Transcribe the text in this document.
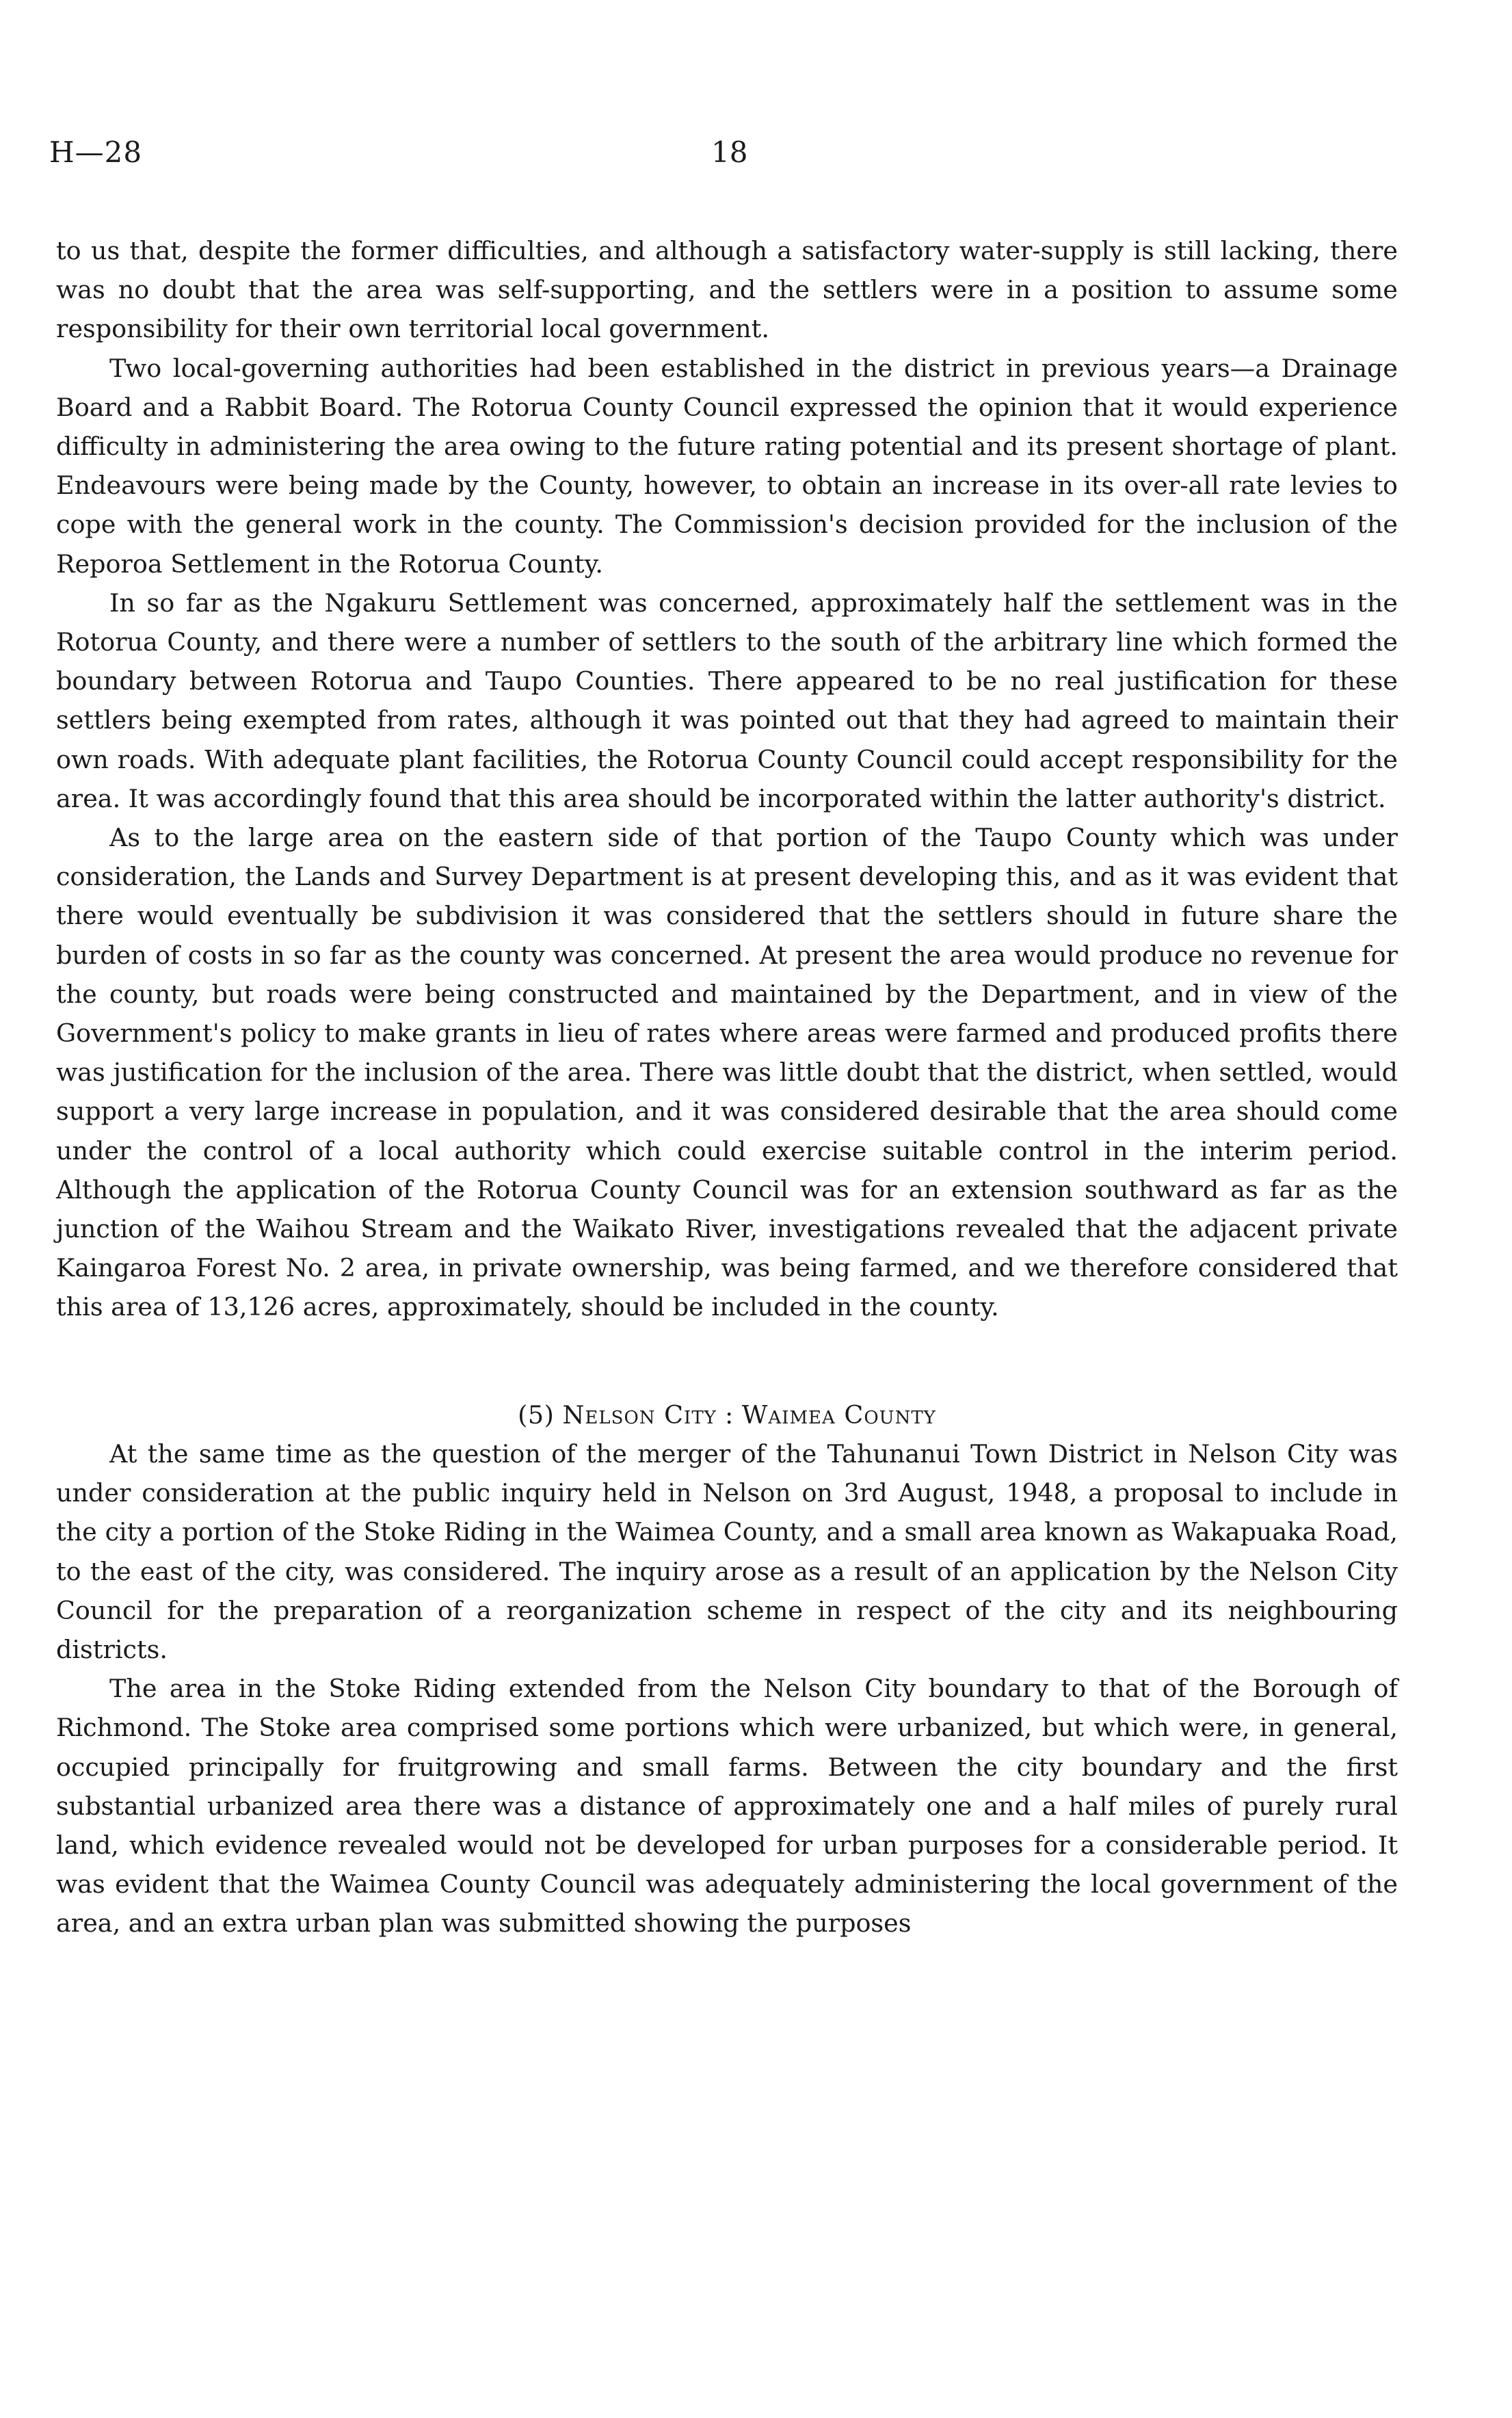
H—28	18

to us that, despite the former difficulties, and although a satisfactory water-supply is still lacking, there was no doubt that the area was self-supporting, and the settlers were in a position to assume some responsibility for their own territorial local government.

Two local-governing authorities had been established in the district in previous years—a Drainage Board and a Rabbit Board. The Rotorua County Council expressed the opinion that it would experience difficulty in administering the area owing to the future rating potential and its present shortage of plant. Endeavours were being made by the County, however, to obtain an increase in its over-all rate levies to cope with the general work in the county. The Commission's decision provided for the inclusion of the Reporoa Settlement in the Rotorua County.

In so far as the Ngakuru Settlement was concerned, approximately half the settlement was in the Rotorua County, and there were a number of settlers to the south of the arbitrary line which formed the boundary between Rotorua and Taupo Counties. There appeared to be no real justification for these settlers being exempted from rates, although it was pointed out that they had agreed to maintain their own roads. With adequate plant facilities, the Rotorua County Council could accept responsibility for the area. It was accordingly found that this area should be incorporated within the latter authority's district.

As to the large area on the eastern side of that portion of the Taupo County which was under consideration, the Lands and Survey Department is at present developing this, and as it was evident that there would eventually be subdivision it was considered that the settlers should in future share the burden of costs in so far as the county was concerned. At present the area would produce no revenue for the county, but roads were being constructed and maintained by the Department, and in view of the Government's policy to make grants in lieu of rates where areas were farmed and produced profits there was justification for the inclusion of the area. There was little doubt that the district, when settled, would support a very large increase in population, and it was considered desirable that the area should come under the control of a local authority which could exercise suitable control in the interim period. Although the application of the Rotorua County Council was for an extension southward as far as the junction of the Waihou Stream and the Waikato River, investigations revealed that the adjacent private Kaingaroa Forest No. 2 area, in private ownership, was being farmed, and we therefore considered that this area of 13,126 acres, approximately, should be included in the county.

(5) Nelson City : Waimea County

At the same time as the question of the merger of the Tahunanui Town District in Nelson City was under consideration at the public inquiry held in Nelson on 3rd August, 1948, a proposal to include in the city a portion of the Stoke Riding in the Waimea County, and a small area known as Wakapuaka Road, to the east of the city, was considered. The inquiry arose as a result of an application by the Nelson City Council for the preparation of a reorganization scheme in respect of the city and its neighbouring districts.

The area in the Stoke Riding extended from the Nelson City boundary to that of the Borough of Richmond. The Stoke area comprised some portions which were urbanized, but which were, in general, occupied principally for fruitgrowing and small farms. Between the city boundary and the first substantial urbanized area there was a distance of approximately one and a half miles of purely rural land, which evidence revealed would not be developed for urban purposes for a considerable period. It was evident that the Waimea County Council was adequately administering the local government of the area, and an extra urban plan was submitted showing the purposes
